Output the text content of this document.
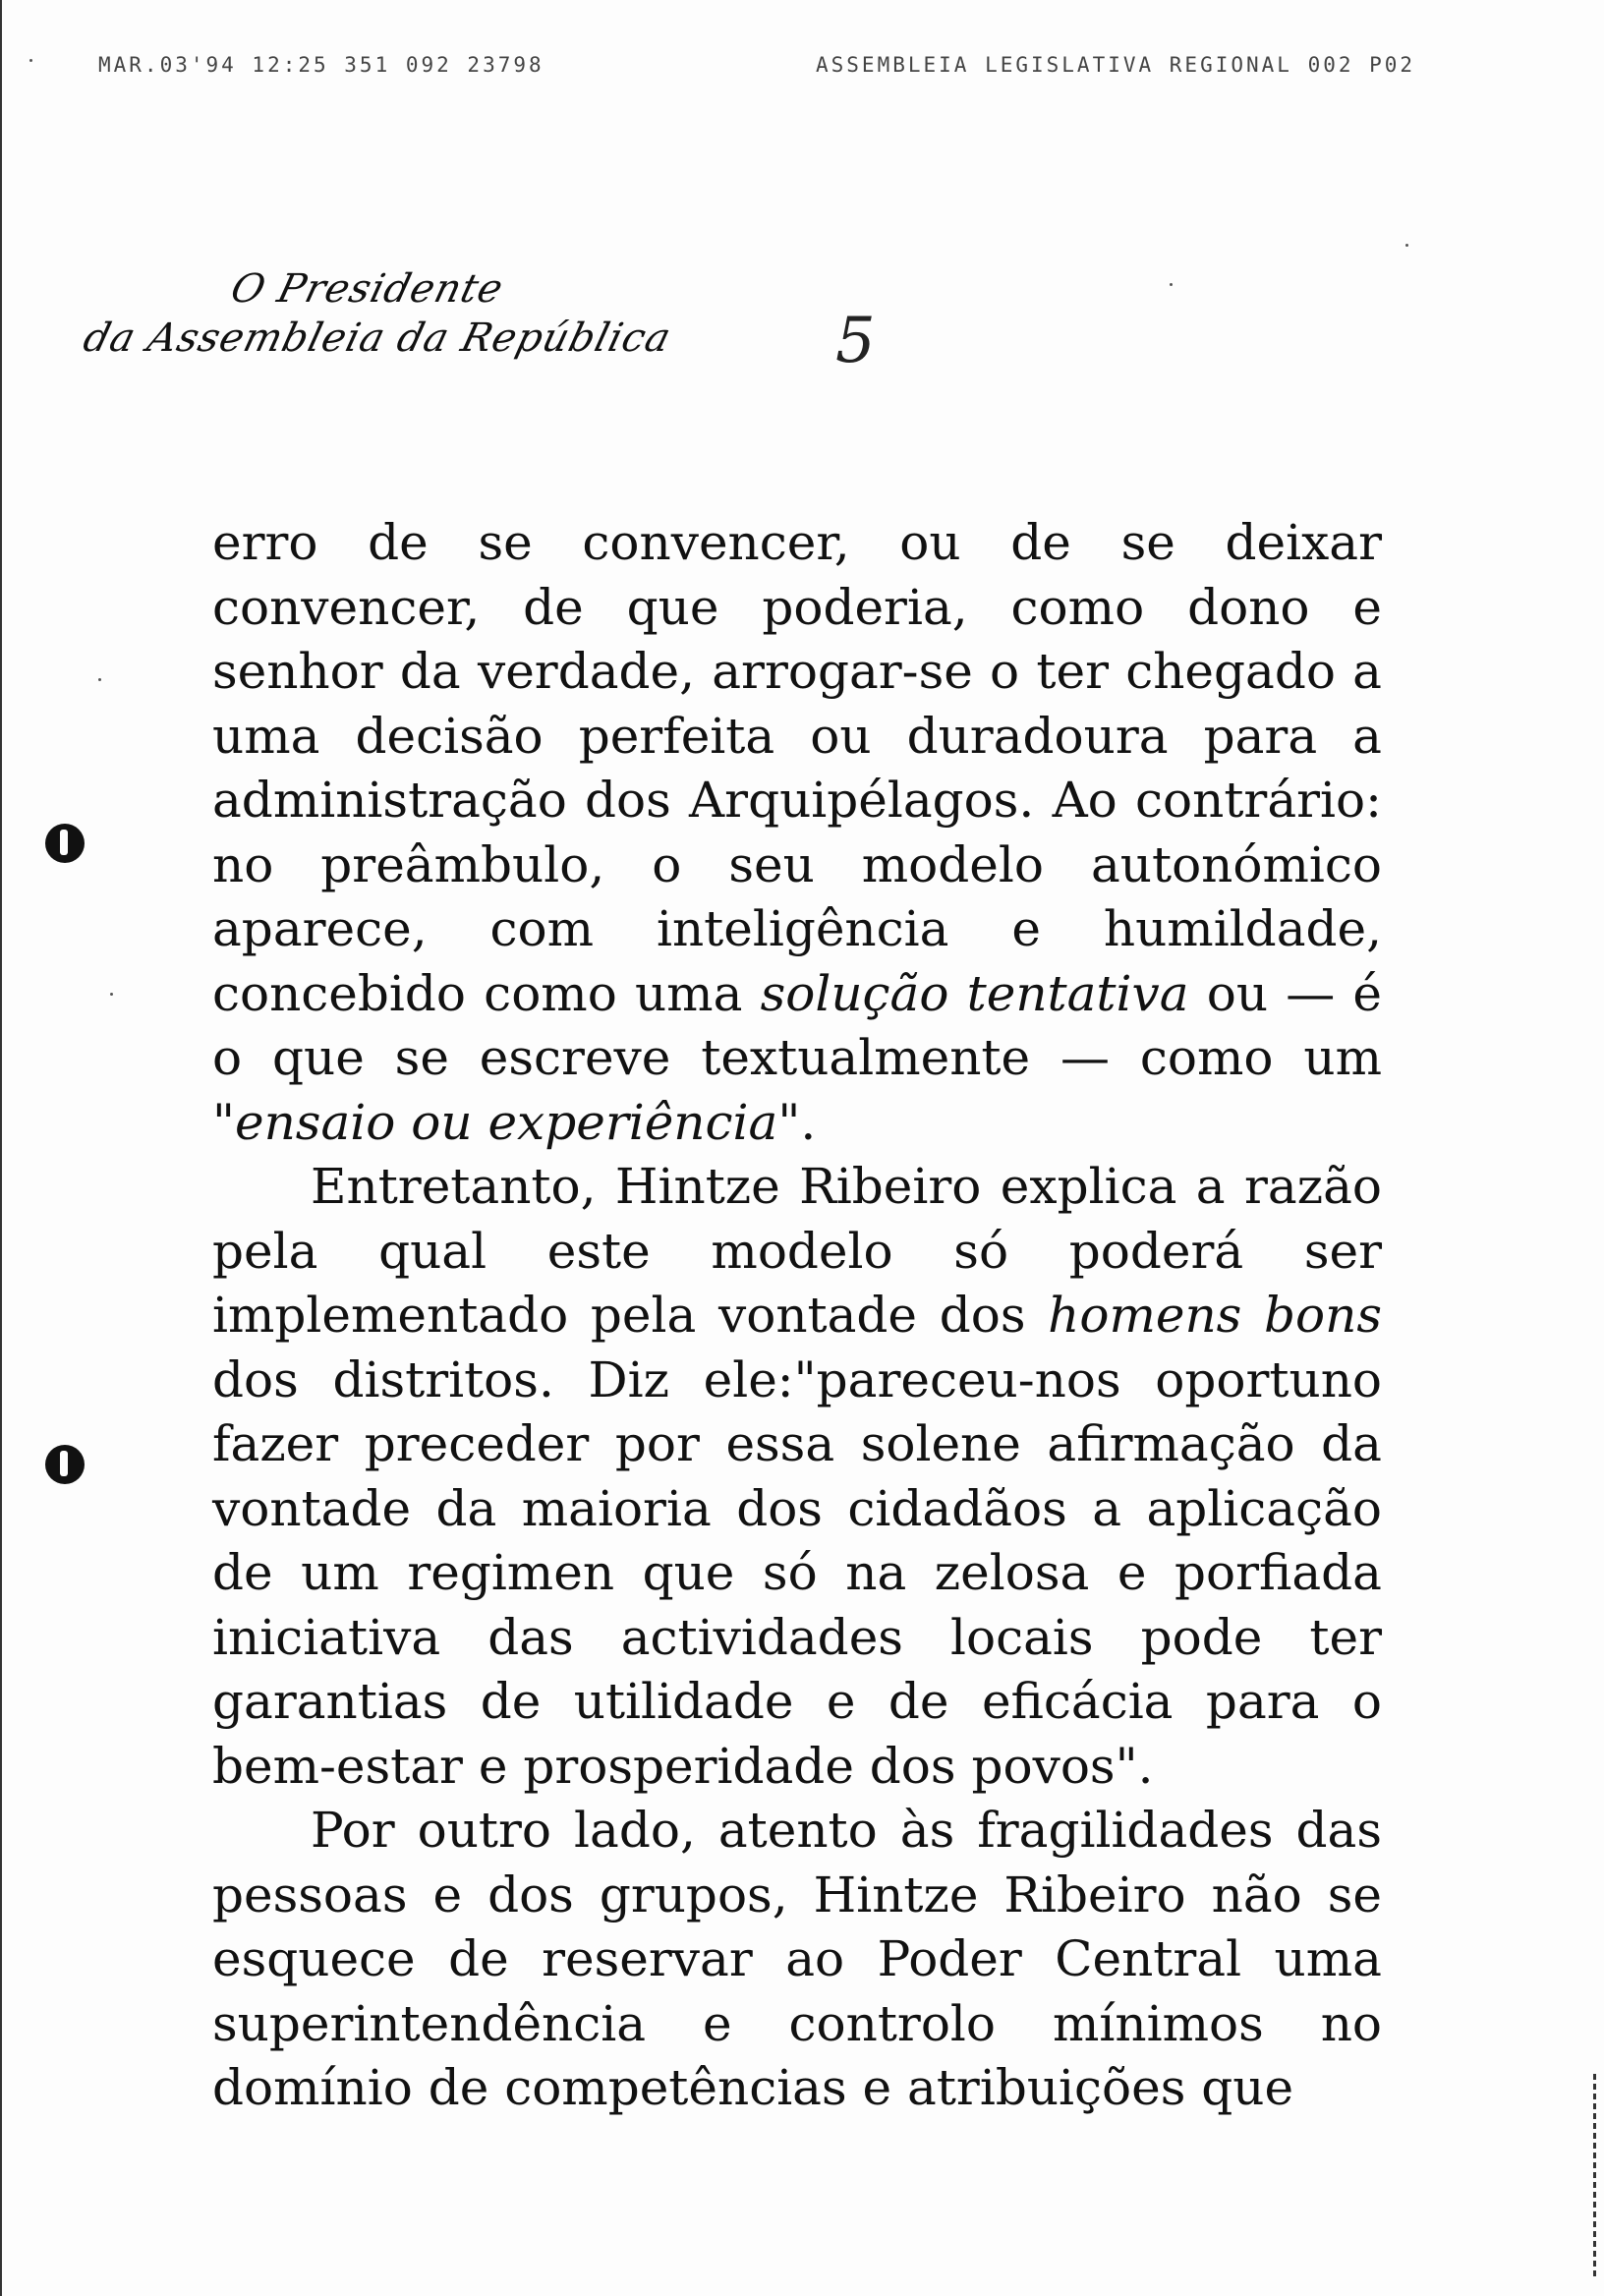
MAR.03'94 12:25 351 092 23798	ASSEMBLEIA LEGISLATIVA REGIONAL 002 P02
O Presidente
da Assembleia da República	5

erro de se convencer, ou de se deixar convencer, de que poderia, como dono e senhor da verdade, arrogar-se o ter chegado a uma decisão perfeita ou duradoura para a administração dos Arquipélagos. Ao contrário: no preâmbulo, o seu modelo autonómico aparece, com inteligência e humildade, concebido como uma solução tentativa ou — é o que se escreve textualmente — como um "ensaio ou experiência".

Entretanto, Hintze Ribeiro explica a razão pela qual este modelo só poderá ser implementado pela vontade dos homens bons dos distritos. Diz ele:"pareceu-nos oportuno fazer preceder por essa solene afirmação da vontade da maioria dos cidadãos a aplicação de um regimen que só na zelosa e porfiada iniciativa das actividades locais pode ter garantias de utilidade e de eficácia para o bem-estar e prosperidade dos povos".

Por outro lado, atento às fragilidades das pessoas e dos grupos, Hintze Ribeiro não se esquece de reservar ao Poder Central uma superintendência e controlo mínimos no domínio de competências e atribuições que
